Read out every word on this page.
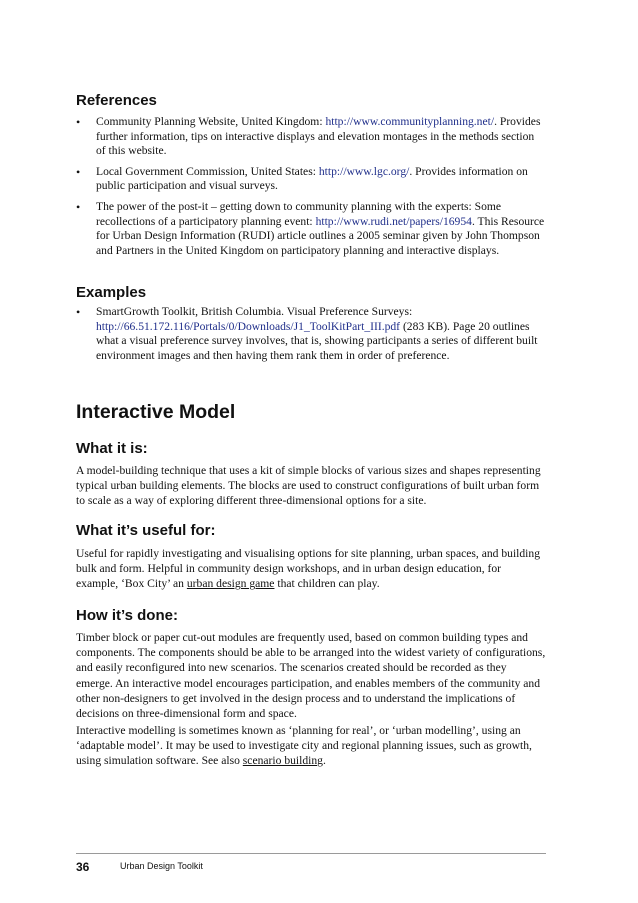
References
• Community Planning Website, United Kingdom: http://www.communityplanning.net/. Provides further information, tips on interactive displays and elevation montages in the methods section of this website.
• Local Government Commission, United States: http://www.lgc.org/. Provides information on public participation and visual surveys.
• The power of the post-it – getting down to community planning with the experts: Some recollections of a participatory planning event: http://www.rudi.net/papers/16954. This Resource for Urban Design Information (RUDI) article outlines a 2005 seminar given by John Thompson and Partners in the United Kingdom on participatory planning and interactive displays.
Examples
• SmartGrowth Toolkit, British Columbia. Visual Preference Surveys: http://66.51.172.116/Portals/0/Downloads/J1_ToolKitPart_III.pdf (283 KB). Page 20 outlines what a visual preference survey involves, that is, showing participants a series of different built environment images and then having them rank them in order of preference.
Interactive Model
What it is:

A model-building technique that uses a kit of simple blocks of various sizes and shapes representing typical urban building elements. The blocks are used to construct configurations of built urban form to scale as a way of exploring different three-dimensional options for a site.

What it’s useful for:

Useful for rapidly investigating and visualising options for site planning, urban spaces, and building bulk and form. Helpful in community design workshops, and in urban design education, for example, ‘Box City’ an urban design game that children can play.

How it’s done:

Timber block or paper cut-out modules are frequently used, based on common building types and components. The components should be able to be arranged into the widest variety of configurations, and easily reconfigured into new scenarios. The scenarios created should be recorded as they emerge. An interactive model encourages participation, and enables members of the community and other non-designers to get involved in the design process and to understand the implications of decisions on three-dimensional form and space.

Interactive modelling is sometimes known as ‘planning for real’, or ‘urban modelling’, using an ‘adaptable model’. It may be used to investigate city and regional planning issues, such as growth, using simulation software. See also scenario building.

36	Urban Design Toolkit
